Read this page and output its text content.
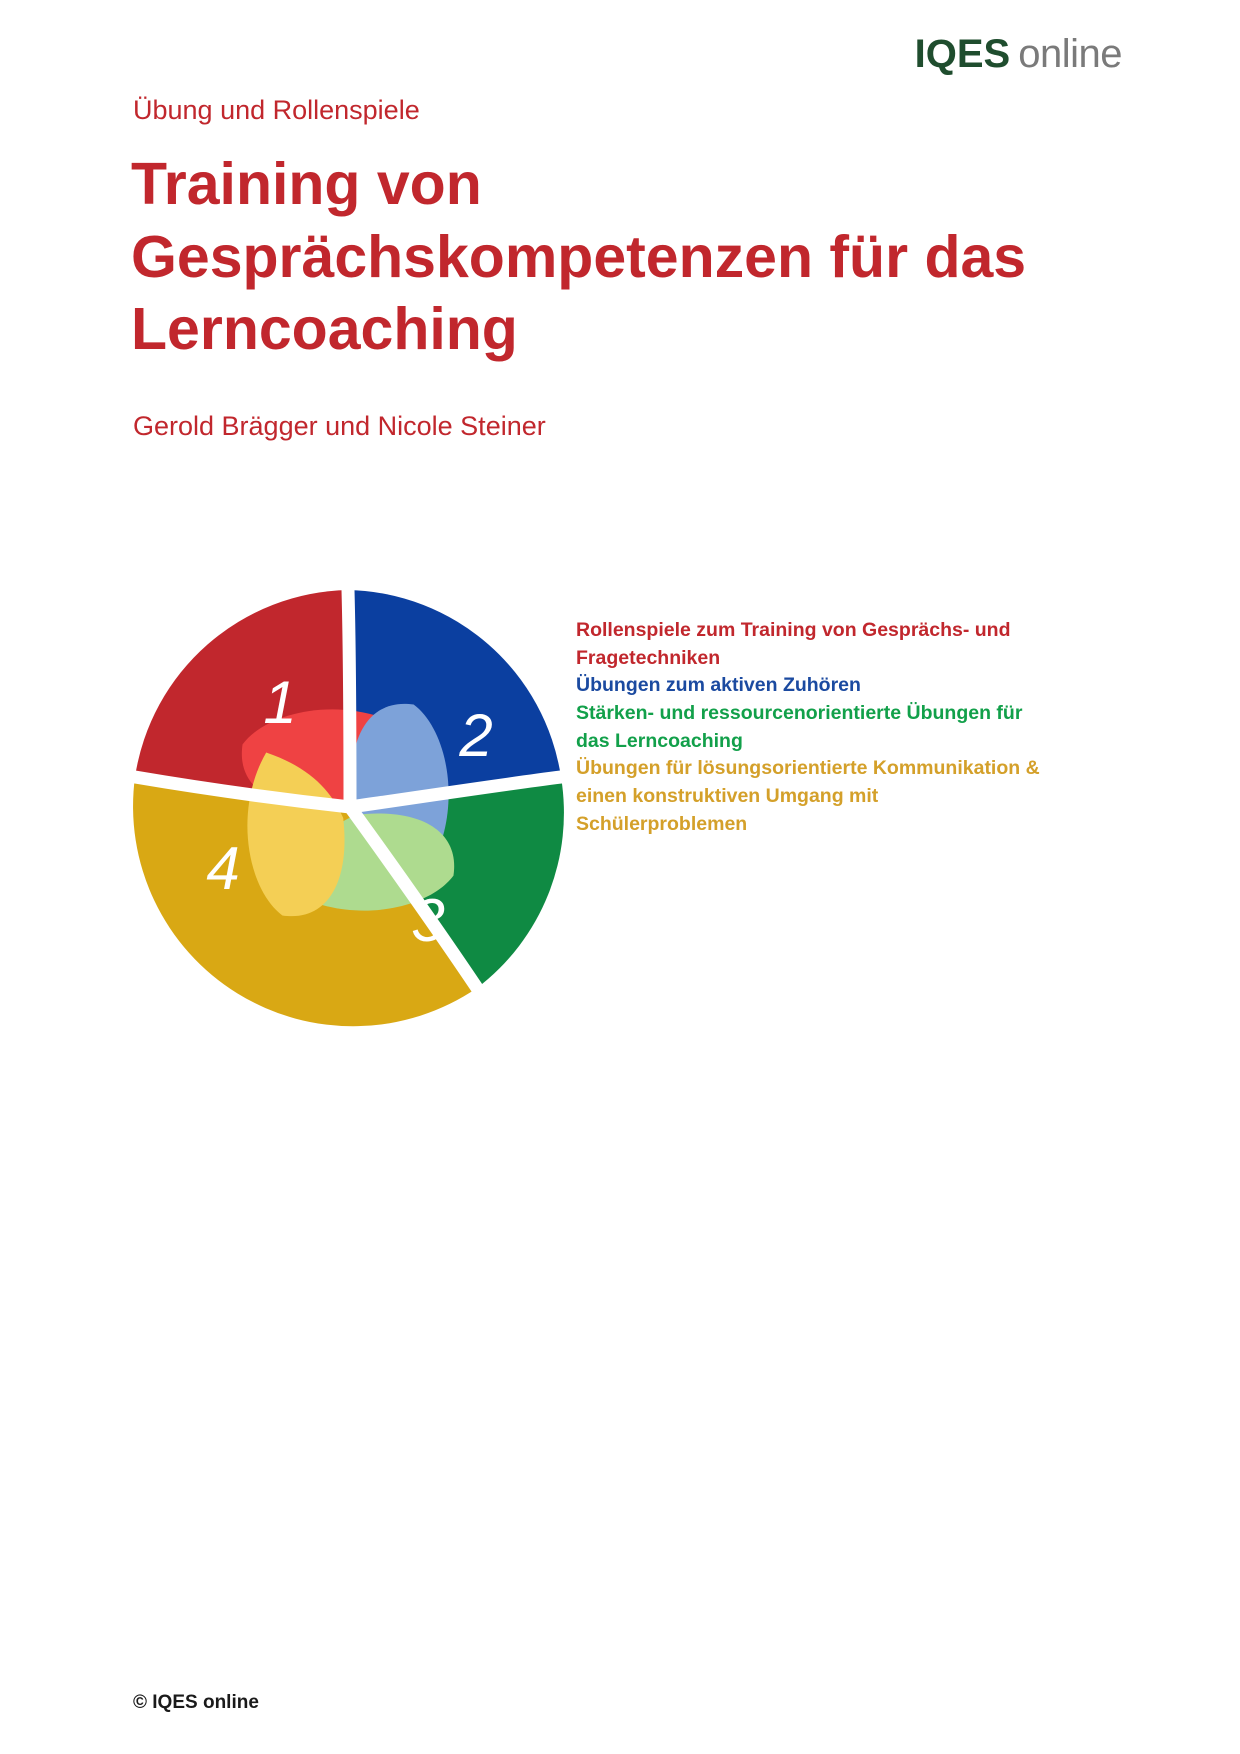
IQES online
Übung und Rollenspiele
Training von Gesprächskompetenzen für das Lerncoaching
Gerold Brägger und Nicole Steiner
1	2
3
4
Rollenspiele zum Training von Gesprächs- und Fragetechniken
Übungen zum aktiven Zuhören
Stärken- und ressourcenorientierte Übungen für das Lerncoaching
Übungen für lösungsorientierte Kommunikation & einen konstruktiven Umgang mit Schülerproblemen
© IQES online
